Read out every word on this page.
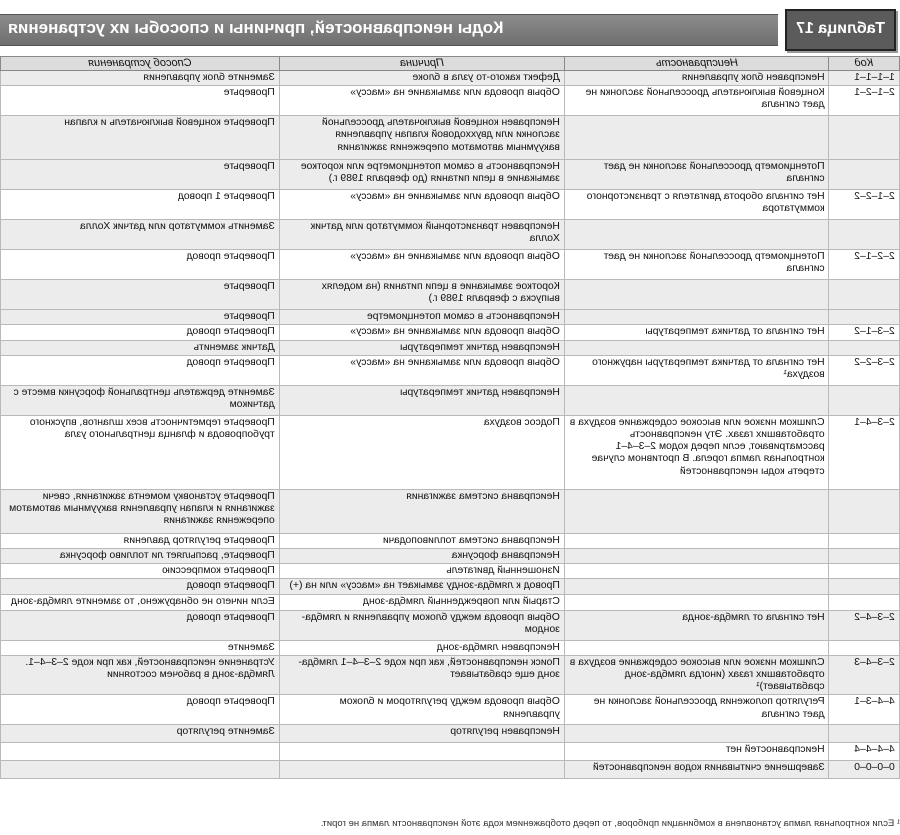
Коды неисправностей, причины и способы их устранения	Таблица 17
Способ устранения	Причина	Неисправность	Код

Замените блок управления	Дефект какого-то узла в блоке	Неисправен блок управления	1–1–1–1

Проверьте	Обрыв провода или замыкание на «массу»	Концевой выключатель дроссельной заслонки не дает сигнала	2–1–2–1

Проверьте концевой выключатель и клапан	Неисправен концевой выключатель дроссельной заслонки или двухходовой клапан управления вакуумным автоматом опережения зажигания		

Проверьте	Неисправность в самом потенциометре или короткое замыкание в цепи питания (до февраля 1989 г.)	Потенциометр дроссельной заслонки не дает сигнала	

Проверьте 1 провод	Обрыв провода или замыкание на «массу»	Нет сигнала оборота двигателя с транзисторного коммутатора	2–1–2–2

Заменить коммутатор или датчик Холла	Неисправен транзисторный коммутатор или датчик Холла		

Проверьте провод	Обрыв провода или замыкание на «массу»	Потенциометр дроссельной заслонки не дает сигнала	2–2–1–2

Проверьте	Короткое замыкание в цепи питания (на моделях выпуска с февраля 1989 г.)		

Проверьте	Неисправность в самом потенциометре		

Проверьте провод	Обрыв провода или замыкание на «массу»	Нет сигнала от датчика температуры	2–3–1–2

Датчик заменить	Неисправен датчик температуры		

Проверьте провод	Обрыв провода или замыкание на «массу»	Нет сигнала от датчика температуры наружного воздуха¹	2–3–2–2

Замените держатель центральной форсунки вместе с датчиком	Неисправен датчик температуры		

Проверьте герметичность всех шлангов, впускного трубопровода и фланца центрального узла	Подсос воздуха	Слишком низкое или высокое содержание воздуха в отработавших газах. Эту неисправность рассматривают, если перед кодом 2–3–4–1 контрольная лампа горела. В противном случае стереть коды неисправностей	2–3–4–1

Проверьте установку момента зажигания, свечи зажигания и клапан управления вакуумным автоматом опережения зажигания	Неисправна система зажигания		

Проверьте регулятор давления	Неисправна система топливоподачи		

Проверьте, распыляет ли топливо форсунка	Неисправна форсунка		

Проверьте компрессию	Изношенный двигатель		

Проверьте провод	Провод к лямбда-зонду замыкает на «массу» или на (+)		

Если ничего не обнаружено, то замените лямбда-зонд	Старый или поврежденный лямбда-зонд		

Проверьте провод	Обрыв провода между блоком управления и лямбда-зондом	Нет сигнала от лямбда-зонда	2–3–4–2

Замените	Неисправен лямбда-зонд		

Устранение неисправностей, как при коде 2–3–4–1. Лямбда-зонд в рабочем состоянии	Поиск неисправностей, как при коде 2–3–4–1 лямбда-зонд еще срабатывает	Слишком низкое или высокое содержание воздуха в отработавших газах (иногда лямбда-зонд срабатывает)¹	2–3–4–3

Проверьте провод	Обрыв провода между регулятором и блоком управления	Регулятор положения дроссельной заслонки не дает сигнала	4–4–3–1

Замените регулятор	Неисправен регулятор		

		Неисправностей нет	4–4–4–4

		Завершение считывания кодов неисправностей	0–0–0–0
¹ Если контрольная лампа установлена в комбинации приборов, то перед отображением кода этой неисправности лампа не горит.
